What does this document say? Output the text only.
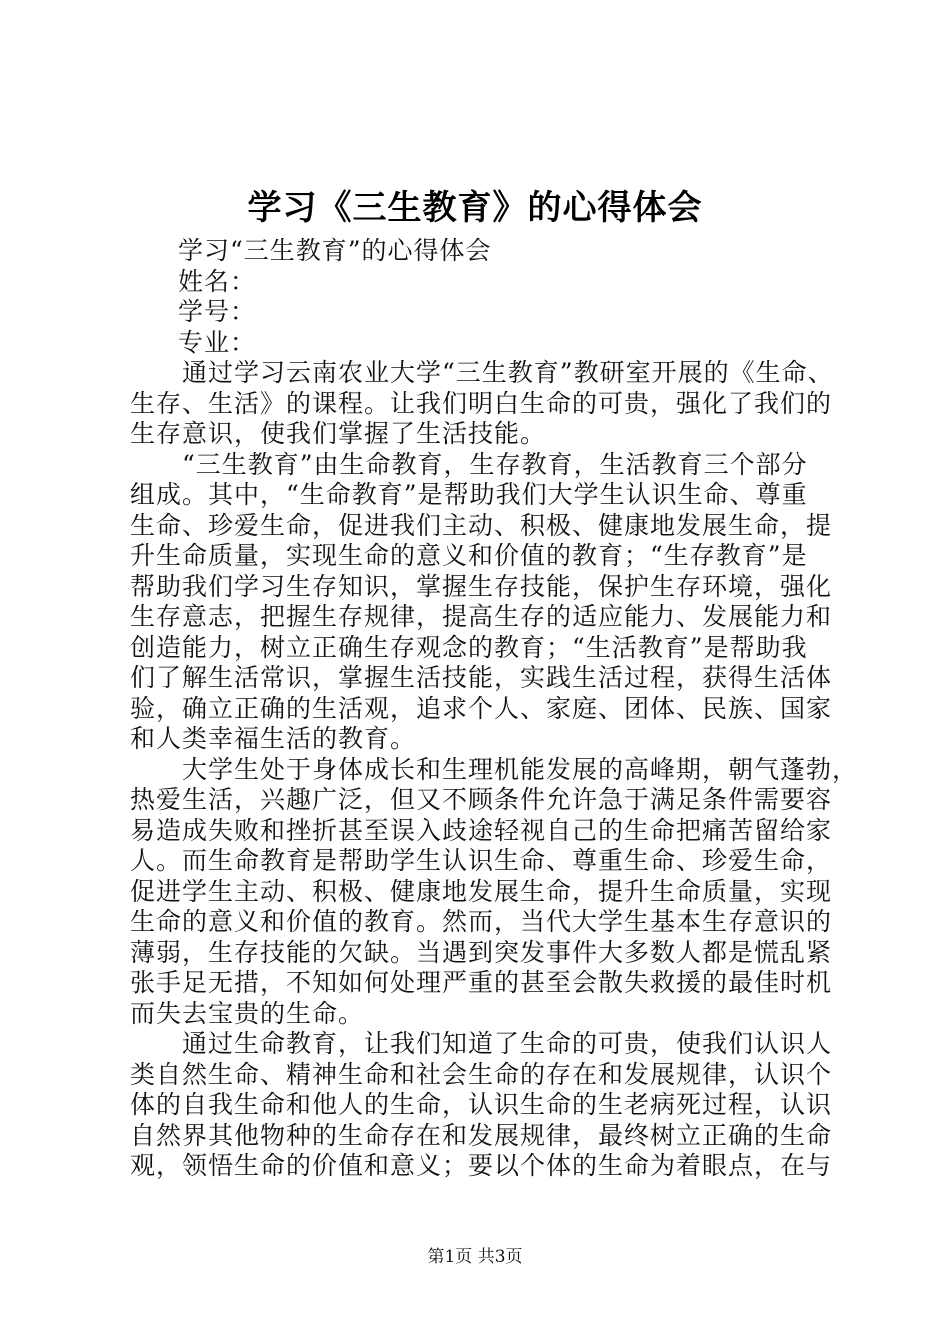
学习《三生教育》的心得体会
学习“三生教育”的心得体会
姓名：
学号：
专业：
通过学习云南农业大学“三生教育”教研室开展的《生命、
生存、生活》的课程。让我们明白生命的可贵，强化了我们的
生存意识，使我们掌握了生活技能。
“三生教育”由生命教育，生存教育，生活教育三个部分
组成。其中，“生命教育”是帮助我们大学生认识生命、尊重
生命、珍爱生命，促进我们主动、积极、健康地发展生命，提
升生命质量，实现生命的意义和价值的教育；“生存教育”是
帮助我们学习生存知识，掌握生存技能，保护生存环境，强化
生存意志，把握生存规律，提高生存的适应能力、发展能力和
创造能力，树立正确生存观念的教育；“生活教育”是帮助我
们了解生活常识，掌握生活技能，实践生活过程，获得生活体
验，确立正确的生活观，追求个人、家庭、团体、民族、国家
和人类幸福生活的教育。
大学生处于身体成长和生理机能发展的高峰期，朝气蓬勃，
热爱生活，兴趣广泛，但又不顾条件允许急于满足条件需要容
易造成失败和挫折甚至误入歧途轻视自己的生命把痛苦留给家
人。而生命教育是帮助学生认识生命、尊重生命、珍爱生命，
促进学生主动、积极、健康地发展生命，提升生命质量，实现
生命的意义和价值的教育。然而，当代大学生基本生存意识的
薄弱，生存技能的欠缺。当遇到突发事件大多数人都是慌乱紧
张手足无措，不知如何处理严重的甚至会散失救援的最佳时机
而失去宝贵的生命。
通过生命教育，让我们知道了生命的可贵，使我们认识人
类自然生命、精神生命和社会生命的存在和发展规律，认识个
体的自我生命和他人的生命，认识生命的生老病死过程，认识
自然界其他物种的生命存在和发展规律，最终树立正确的生命
观，领悟生命的价值和意义；要以个体的生命为着眼点，在与
第1页 共3页
